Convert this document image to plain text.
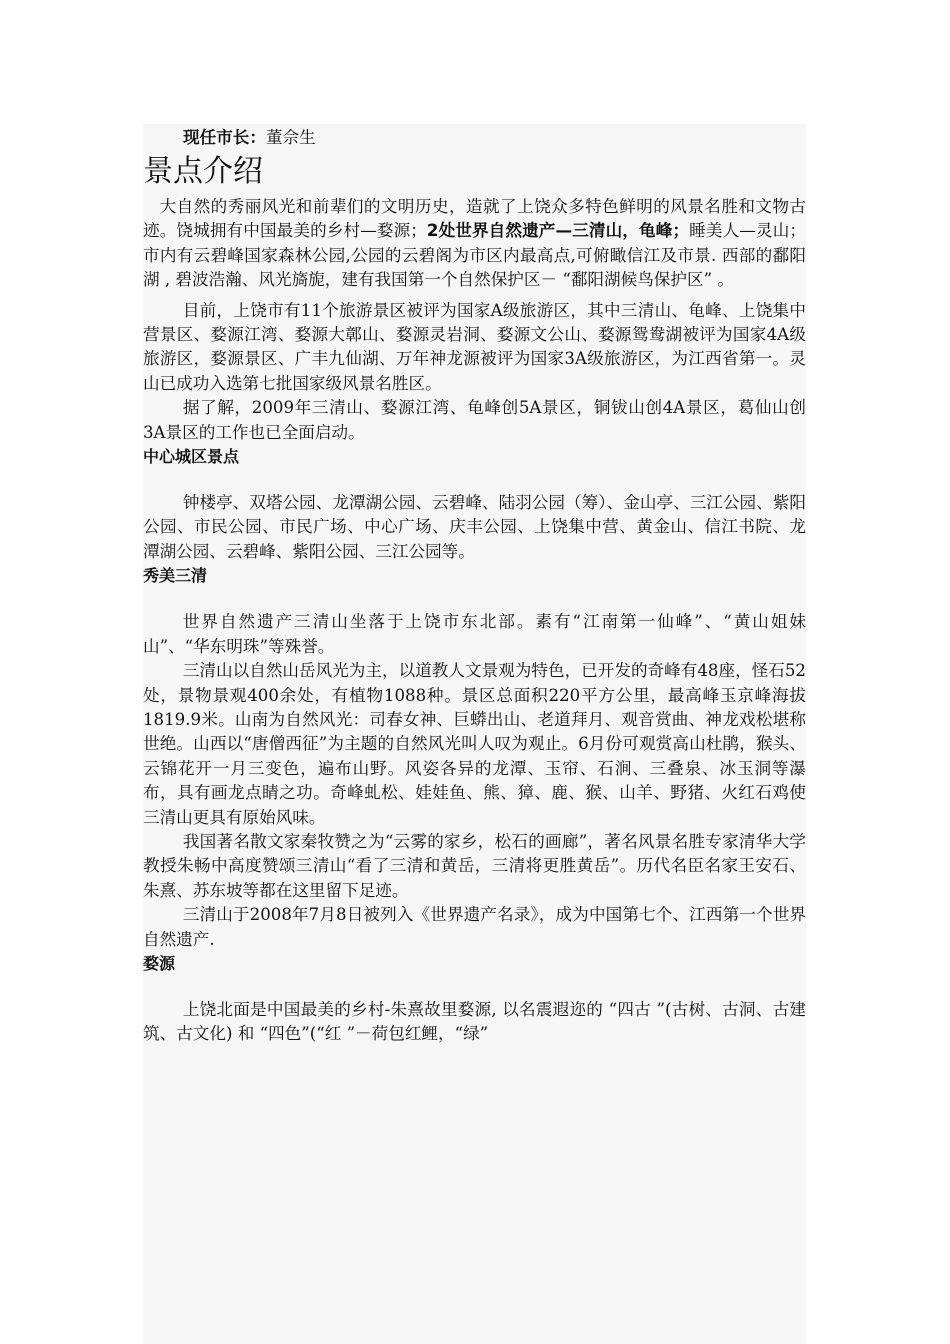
现任市长：董佘生

景点介绍

大自然的秀丽风光和前辈们的文明历史，造就了上饶众多特色鲜明的风景名胜和文物古迹。饶城拥有中国最美的乡村—婺源；2处世界自然遗产—三清山，龟峰；睡美人—灵山；市内有云碧峰国家森林公园,公园的云碧阁为市区内最高点,可俯瞰信江及市景. 西部的鄱阳湖 , 碧波浩瀚、风光旖旎，建有我国第一个自然保护区－ “鄱阳湖候鸟保护区” 。

目前，上饶市有11个旅游景区被评为国家A级旅游区，其中三清山、龟峰、上饶集中营景区、婺源江湾、婺源大鄣山、婺源灵岩洞、婺源文公山、婺源鸳鸯湖被评为国家4A级旅游区，婺源景区、广丰九仙湖、万年神龙源被评为国家3A级旅游区，为江西省第一。灵山已成功入选第七批国家级风景名胜区。

据了解，2009年三清山、婺源江湾、龟峰创5A景区，铜钹山创4A景区，葛仙山创3A景区的工作也已全面启动。

中心城区景点

钟楼亭、双塔公园、龙潭湖公园、云碧峰、陆羽公园（筹）、金山亭、三江公园、紫阳公园、市民公园、市民广场、中心广场、庆丰公园、上饶集中营、黄金山、信江书院、龙潭湖公园、云碧峰、紫阳公园、三江公园等。

秀美三清

世界自然遗产三清山坐落于上饶市东北部。素有“江南第一仙峰”、“黄山姐妹山”、“华东明珠”等殊誉。

三清山以自然山岳风光为主，以道教人文景观为特色，已开发的奇峰有48座，怪石52处，景物景观400余处，有植物1088种。景区总面积220平方公里，最高峰玉京峰海拔1819.9米。山南为自然风光：司春女神、巨蟒出山、老道拜月、观音赏曲、神龙戏松堪称世绝。山西以“唐僧西征”为主题的自然风光叫人叹为观止。6月份可观赏高山杜鹃，猴头、云锦花开一月三变色，遍布山野。风姿各异的龙潭、玉帘、石涧、三叠泉、冰玉洞等瀑布，具有画龙点睛之功。奇峰虬松、娃娃鱼、熊、獐、鹿、猴、山羊、野猪、火红石鸡使三清山更具有原始风味。

我国著名散文家秦牧赞之为“云雾的家乡，松石的画廊”，著名风景名胜专家清华大学教授朱畅中高度赞颂三清山“看了三清和黄岳，三清将更胜黄岳”。历代名臣名家王安石、朱熹、苏东坡等都在这里留下足迹。

三清山于2008年7月8日被列入《世界遗产名录》，成为中国第七个、江西第一个世界自然遗产.

婺源

上饶北面是中国最美的乡村-朱熹故里婺源, 以名震遐迩的 “四古 ”(古树、古洞、古建筑、古文化) 和 “四色”(“红 ”－荷包红鲤，“绿”
